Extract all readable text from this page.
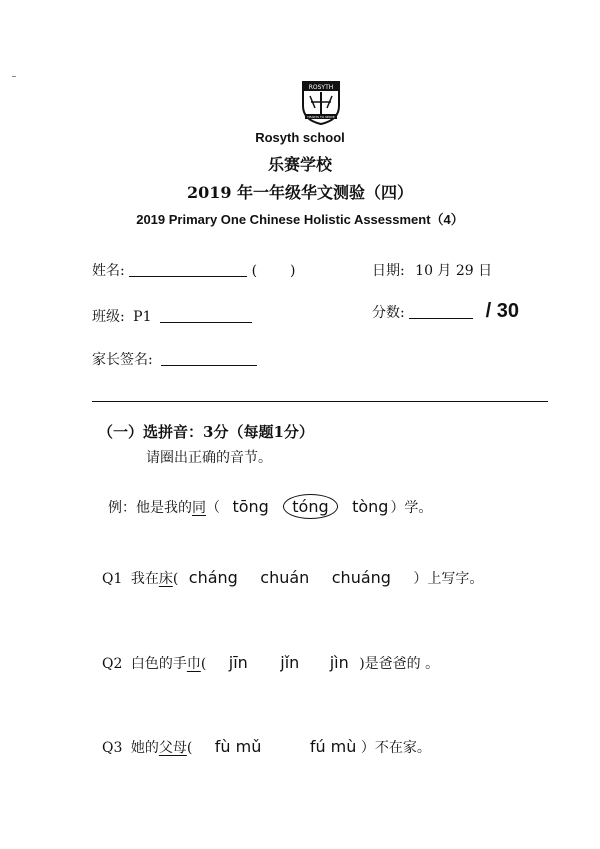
ROSYTH
HEARTS TO SERVE
Rosyth school
乐赛学校
2019 年一年级华文测验（四）
2019 Primary One Chinese Holistic Assessment（4）
姓名:	( )	日期: 10 月 29 日
班级: P1	分数:	/ 30
家长签名:
（一）选拼音：3分（每题1分）
请圈出正确的音节。
例：他是我的同（ tōng tóng tòng ）学。
Q1 我在床( cháng chuán chuáng ）上写字。
Q2 白色的手巾( jīn jǐn jìn )是爸爸的 。
Q3 她的父母( fù mǔ	fú mù ）不在家。
